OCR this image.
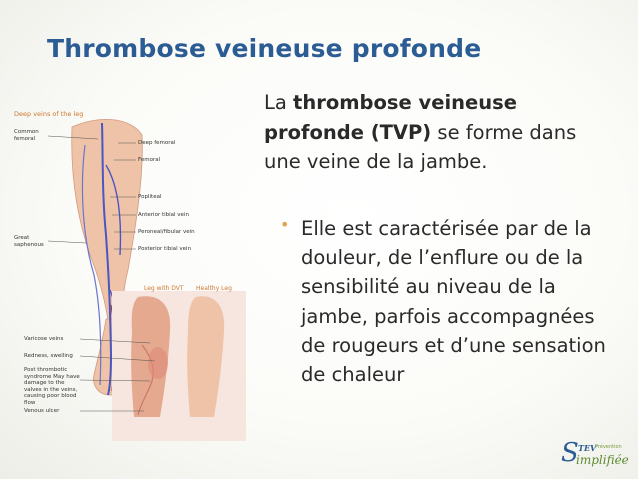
Thrombose veineuse profonde

La thrombose veineuse profonde (TVP) se forme dans une veine de la jambe.

• Elle est caractérisée par de la douleur, de l’enflure ou de la sensibilité au niveau de la jambe, parfois accompagnées de rougeurs et d’une sensation de chaleur

Deep veins of the leg
Common femoral
Great saphenous
Deep femoral
Femoral
Popliteal
Anterior tibial vein
Peroneal/fibular vein
Posterior tibial vein
Leg with DVT Healthy Leg
Varicose veins
Redness, swelling
Post thrombotic syndrome May have damage to the valves in the veins, causing poor blood flow
Venous ulcer
S TEV
Prévention
implifiée
